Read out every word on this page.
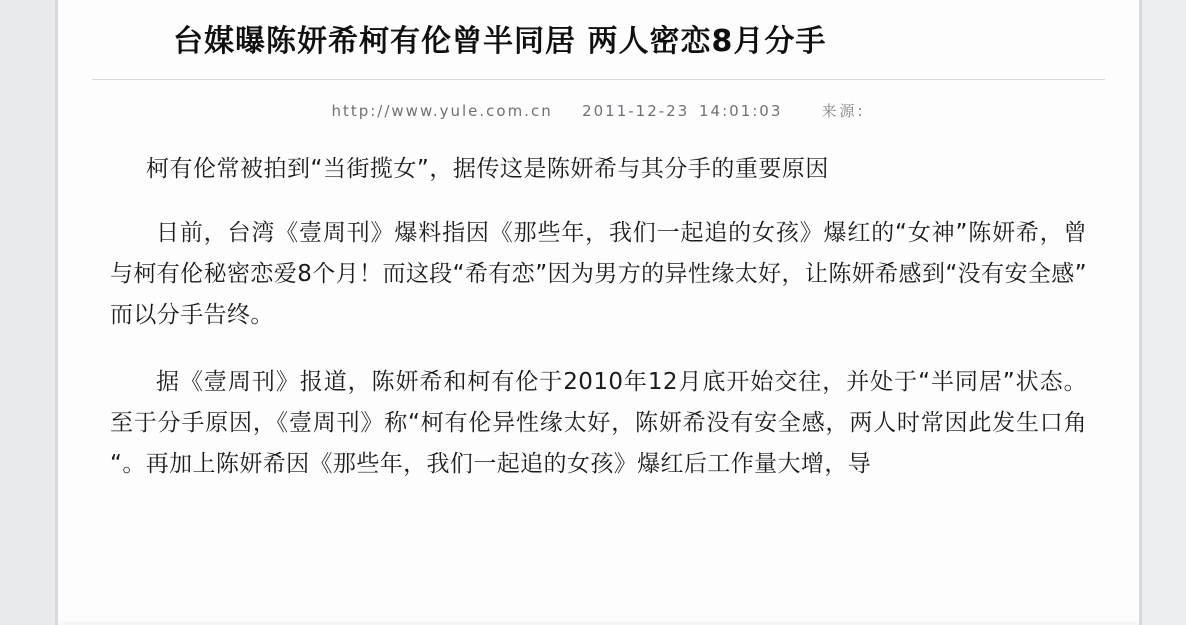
台媒曝陈妍希柯有伦曾半同居 两人密恋8月分手
http://www.yule.com.cn 2011-12-23 14:01:03	来源:

柯有伦常被拍到“当街揽女”，据传这是陈妍希与其分手的重要原因

日前，台湾《壹周刊》爆料指因《那些年，我们一起追的女孩》爆红的“女神”陈妍希，曾与柯有伦秘密恋爱8个月！而这段“希有恋”因为男方的异性缘太好，让陈妍希感到“没有安全感”而以分手告终。

据《壹周刊》报道，陈妍希和柯有伦于2010年12月底开始交往，并处于“半同居”状态。至于分手原因，《壹周刊》称“柯有伦异性缘太好，陈妍希没有安全感，两人时常因此发生口角“。再加上陈妍希因《那些年，我们一起追的女孩》爆红后工作量大增，导
